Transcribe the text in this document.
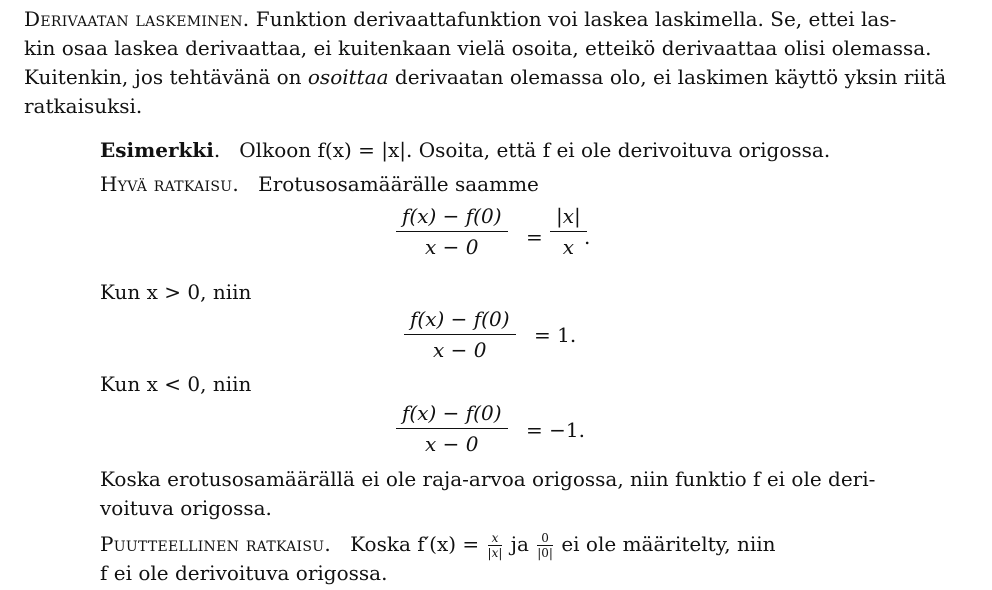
Derivaatan laskeminen. Funktion derivaattafunktion voi laskea laskimella. Se, ettei las-
kin osaa laskea derivaattaa, ei kuitenkaan vielä osoita, etteikö derivaattaa olisi olemassa.
Kuitenkin, jos tehtävänä on osoittaa derivaatan olemassa olo, ei laskimen käyttö yksin riitä
ratkaisuksi.
Esimerkki. Olkoon f(x) = |x|. Osoita, että f ei ole derivoituva origossa.
Hyvä ratkaisu. Erotusosamäärälle saamme
$\frac{f(x) - f(0)}{x - 0} = \frac{|x|}{x}$
.
Kun x > 0, niin
$\frac{f(x) - f(0)}{x - 0} = 1$.
Kun x < 0, niin
$\frac{f(x) - f(0)}{x - 0} = -1$.
Koska erotusosamäärällä ei ole raja-arvoa origossa, niin funktio f ei ole deri-
voituva origossa.
Puutteellinen ratkaisu. Koska $f'(x) = \frac{x}{|x|}$ ja $\frac{0}{|0|}$ ei ole määritelty, niin
f ei ole derivoituva origossa.
